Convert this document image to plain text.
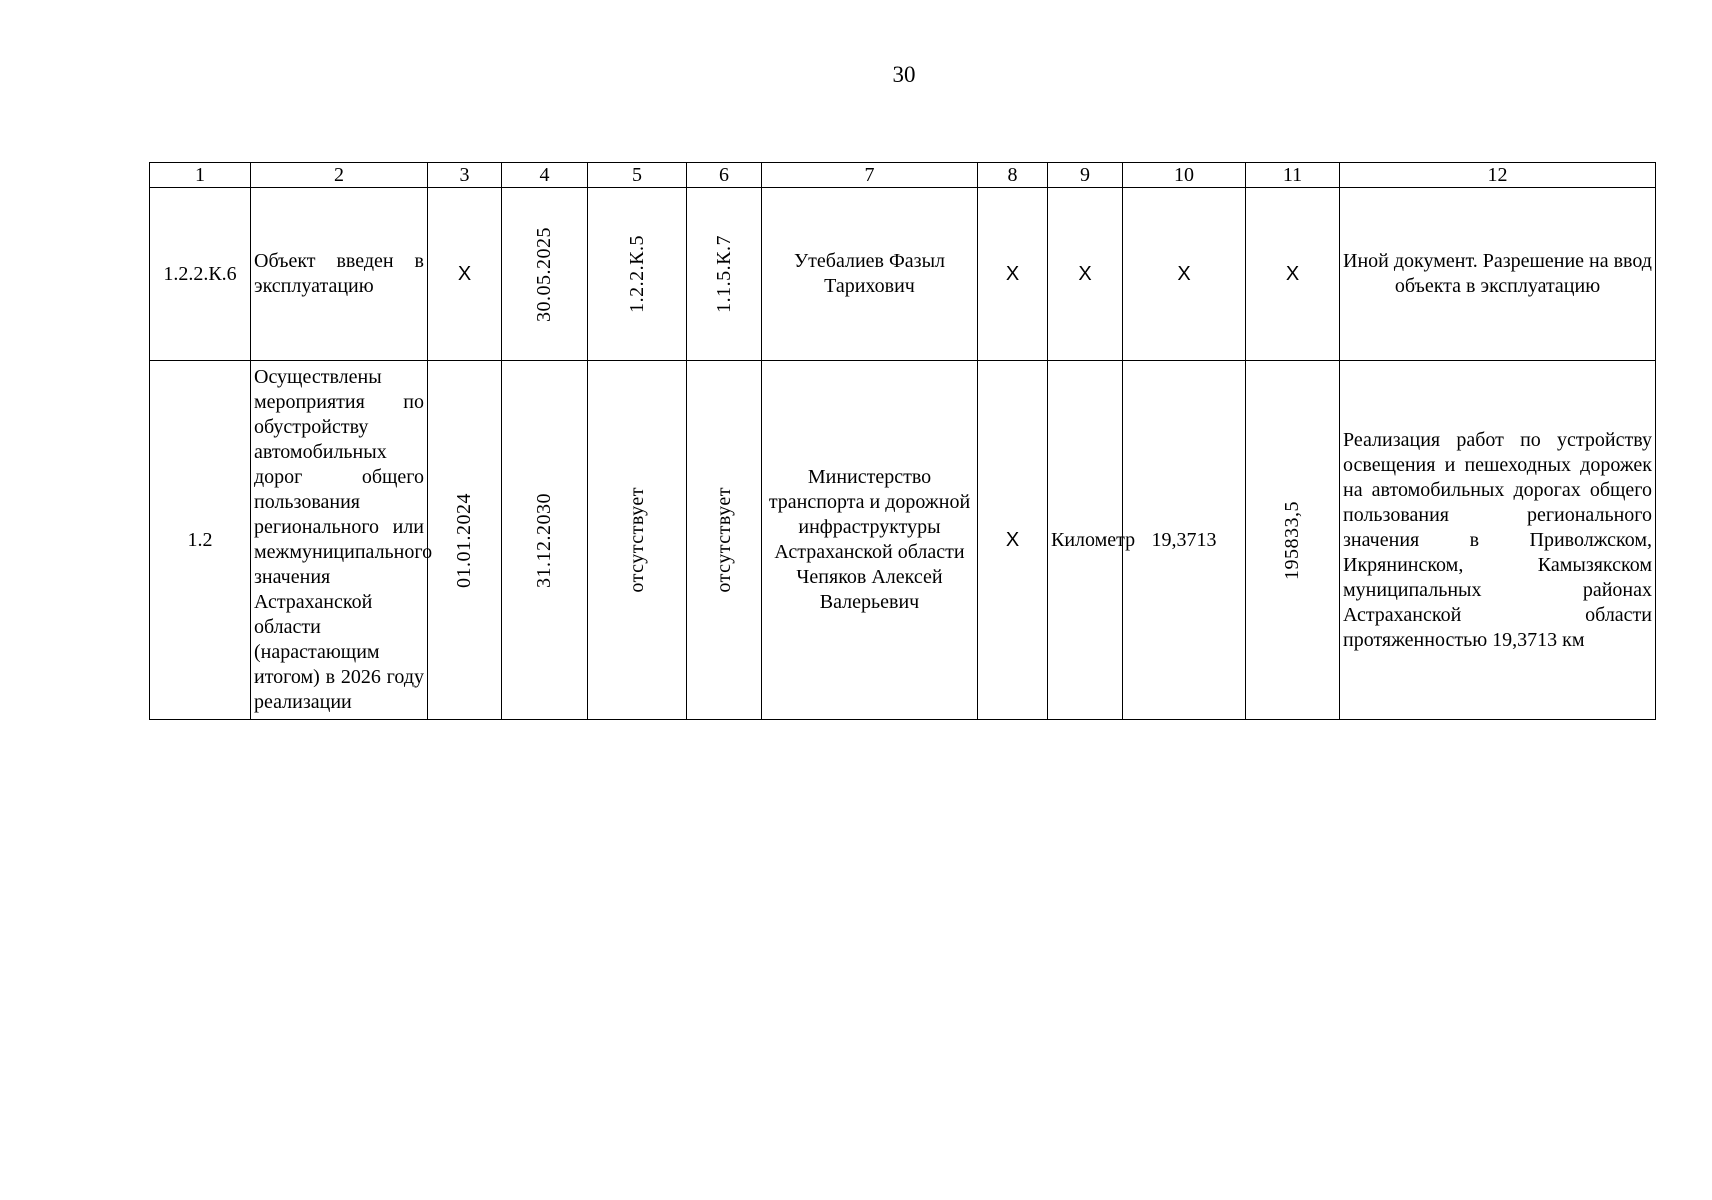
30
1	2	3	4	5	6	7	8	9	10	11	12
1.2.2.К.6	Объект введен в эксплуатацию	Х	30.05.2025	1.2.2.К.5	1.1.5.К.7	Утебалиев Фазыл Тарихович	Х	Х	Х	Х	Иной документ. Разрешение на ввод объекта в эксплуатацию
1.2	Осуществлены мероприятия по обустройству автомобильных дорог общего пользования регионального или межмуниципального значения Астраханской области (нарастающим итогом) в 2026 году реализации	01.01.2024	31.12.2030	отсутствует	отсутствует	Министерство транспорта и дорожной инфраструктуры Астраханской области Чепяков Алексей Валерьевич	Х	Километр	19,3713	195833,5	Реализация работ по устройству освещения и пешеходных дорожек на автомобильных дорогах общего пользования регионального значения в Приволжском, Икрянинском, Камызякском муниципальных районах Астраханской области протяженностью 19,3713 км
